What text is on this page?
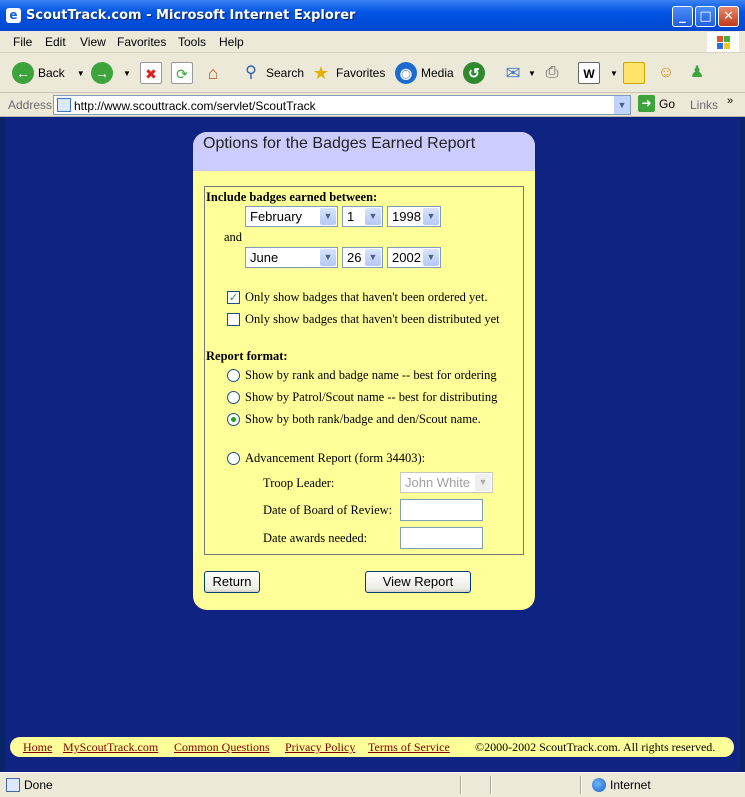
e ScoutTrack.com - Microsoft Internet Explorer	_	□ ✕
File Edit View Favorites Tools Help
← Back ▼ →	▼	✖	⟳	⌂	⚲ Search ★ Favorites	◉ Media	↺ ✉ ▼ ⎙	W	▼ ☺ ♟
Address http://www.scouttrack.com/servlet/ScoutTrack	▼ ➜ Go Links »
Options for the Badges Earned Report
Include badges earned between:
February	▼ 1	▼ 1998 ▼
and
June	▼ 26 ▼ 2002 ▼
✓ Only show badges that haven't been ordered yet.
Only show badges that haven't been distributed yet
Report format:
Show by rank and badge name -- best for ordering
Show by Patrol/Scout name -- best for distributing
Show by both rank/badge and den/Scout name.
Advancement Report (form 34403):
Troop Leader:	John White ▼
Date of Board of Review:
Date awards needed:
Return	View Report
Home MyScoutTrack.com Common Questions Privacy Policy Terms of Service ©2000-2002 ScoutTrack.com. All rights reserved.
Done	Internet
